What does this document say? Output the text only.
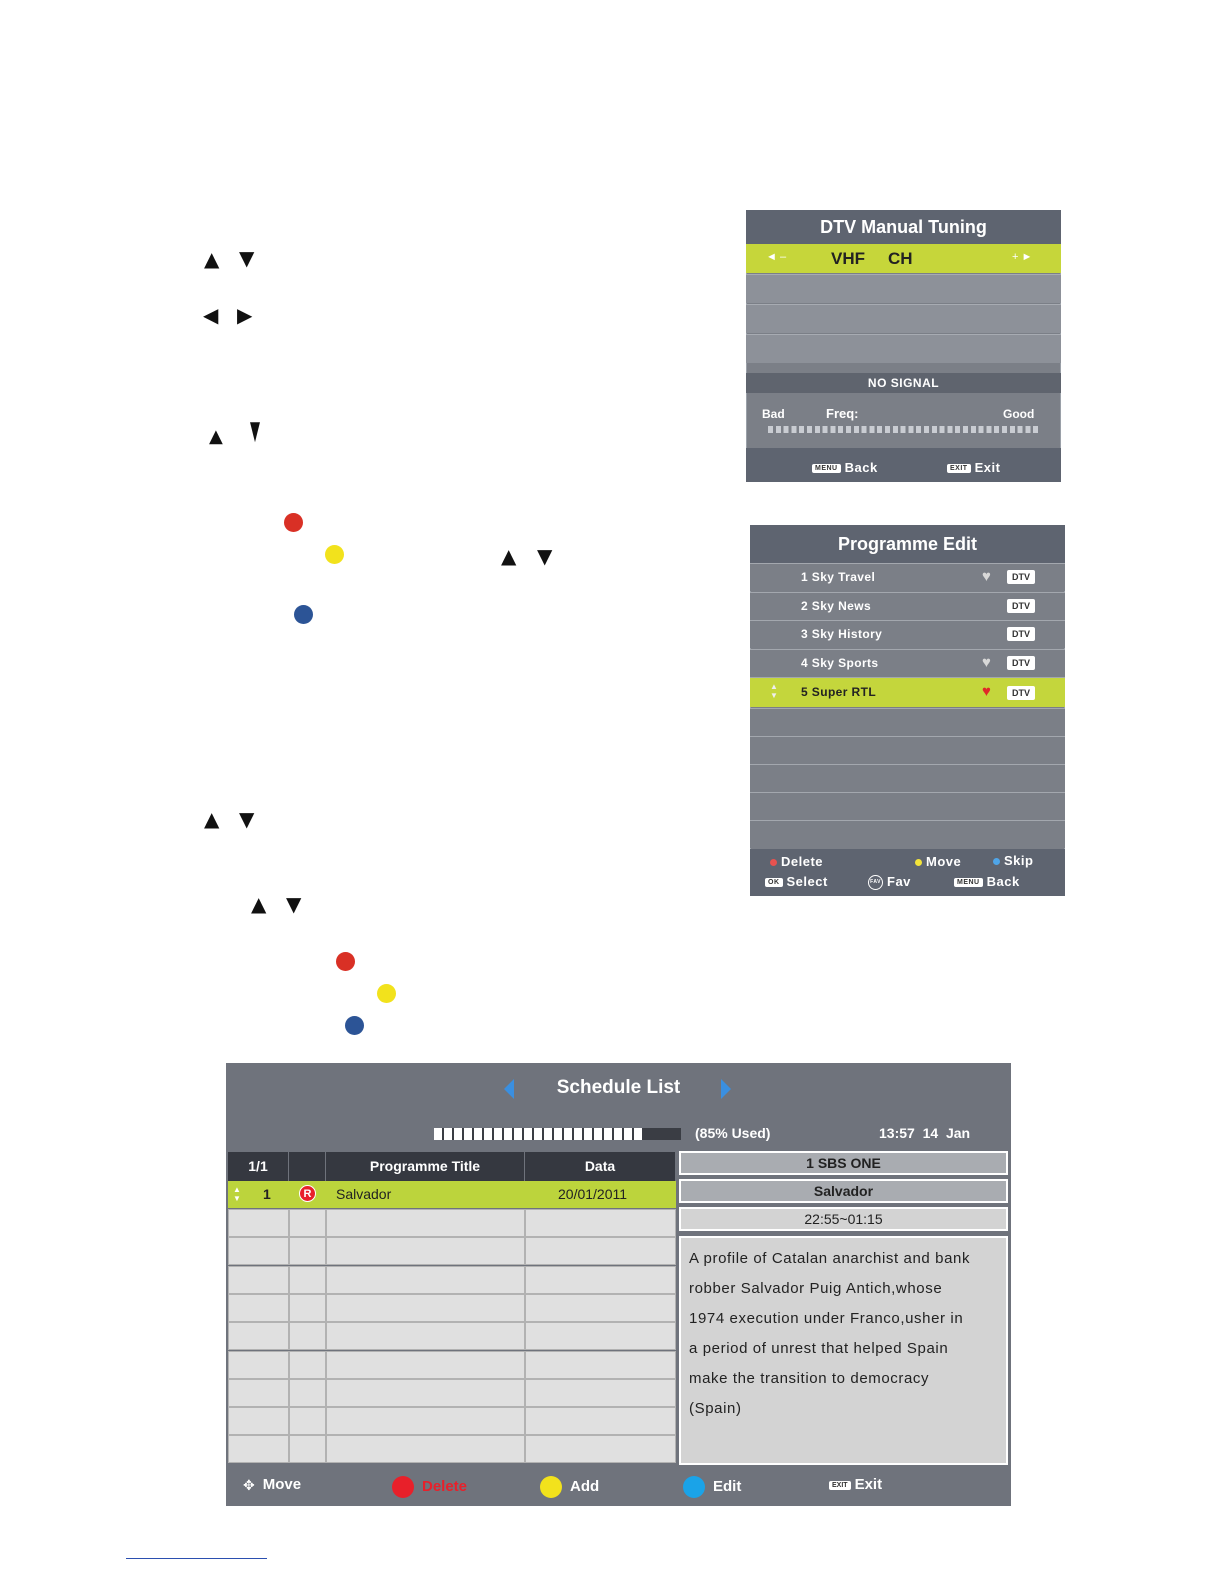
▲ ▼
◀ ▶
▲ ▼
▲ ▼
▲ ▼
▲ ▼
DTV Manual Tuning
◄ –	VHF CH	+ ►
NO SIGNAL
Bad	Freq:	Good
MENU Back	EXIT Exit
Programme Edit
1 Sky Travel	♥	DTV
2 Sky News	DTV
3 Sky History	DTV
4 Sky Sports	♥	DTV
▲
▼ 5 Super RTL	♥	DTV
Delete	Move	Skip
OK Select	FAV Fav	MENU Back
Schedule List
(85% Used)	13:57  14  Jan
1/1	Programme Title	Data
▲
▼ 1	R	Salvador	20/01/2011
1 SBS ONE
Salvador
22:55~01:15
A profile of Catalan anarchist and bank
robber Salvador Puig Antich,whose
1974 execution under Franco,usher in
a period of unrest that helped Spain
make the transition to democracy
(Spain)
✥ Move	Delete	Add	Edit	EXIT Exit
